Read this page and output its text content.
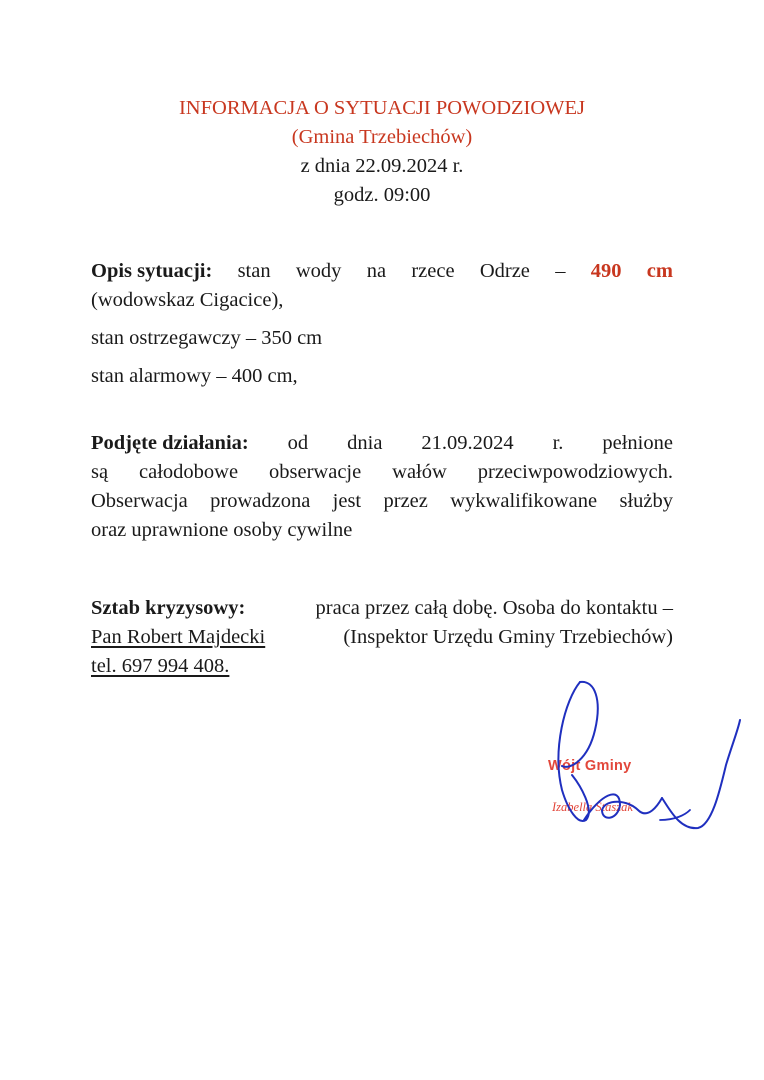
INFORMACJA O SYTUACJI POWODZIOWEJ
(Gmina Trzebiechów)
z dnia 22.09.2024 r.
godz. 09:00
Opis sytuacji: stan wody na rzece Odrze – 490 cm
(wodowskaz Cigacice),
stan ostrzegawczy – 350 cm
stan alarmowy – 400 cm,
Podjęte działania: od dnia 21.09.2024 r. pełnione
są całodobowe obserwacje wałów przeciwpowodziowych.
Obserwacja prowadzona jest przez wykwalifikowane służby
oraz uprawnione osoby cywilne
Sztab kryzysowy:	praca przez całą dobę. Osoba do kontaktu –
Pan Robert Majdecki	(Inspektor Urzędu Gminy Trzebiechów)
tel. 697 994 408.
Wójt Gminy
Izabella Staszak
